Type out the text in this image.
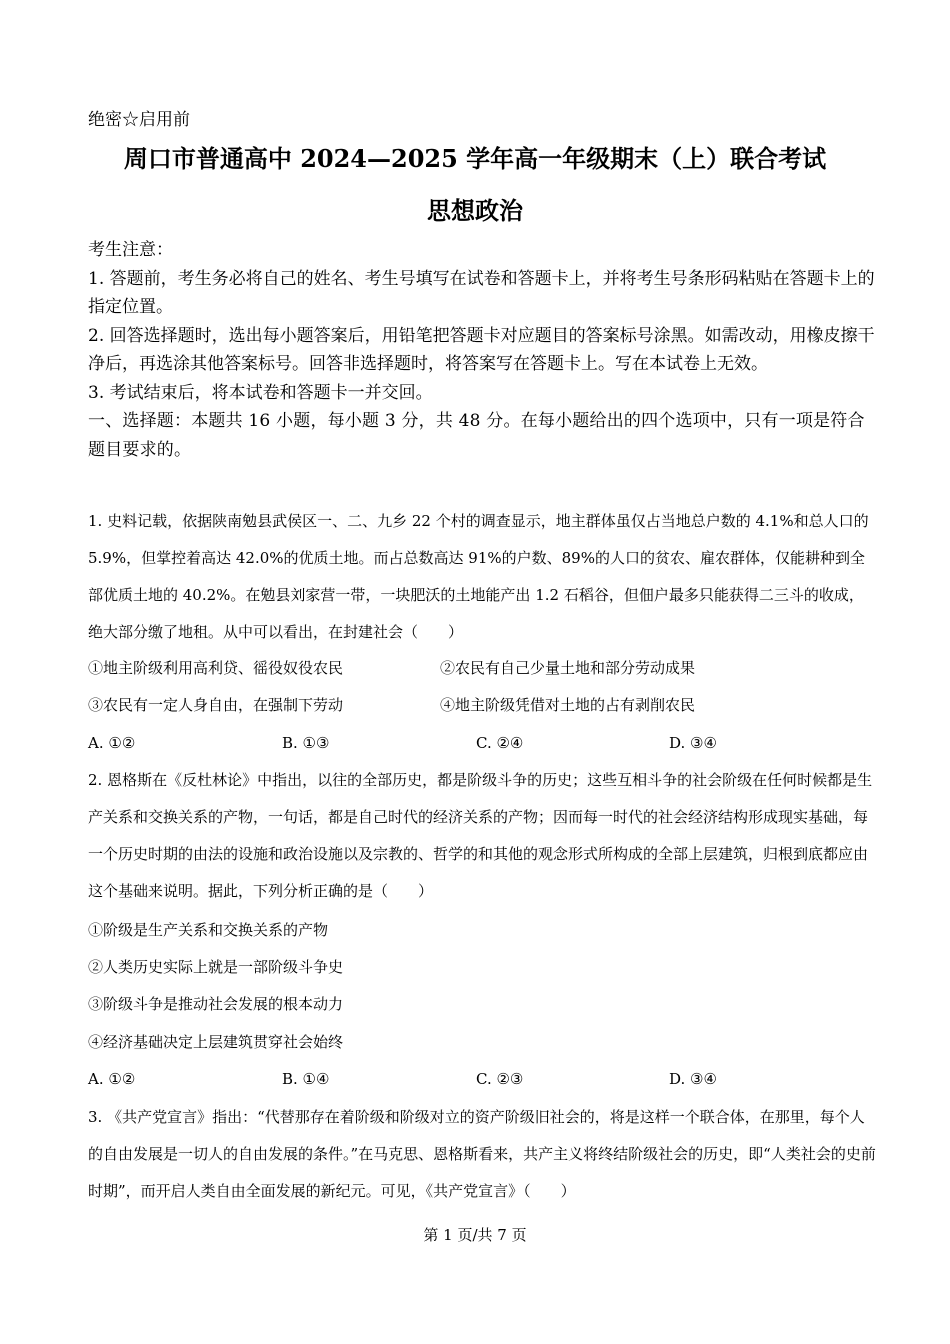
绝密☆启用前
周口市普通高中 2024—2025 学年高一年级期末（上）联合考试
思想政治

考生注意：

1. 答题前，考生务必将自己的姓名、考生号填写在试卷和答题卡上，并将考生号条形码粘贴在答题卡上的指定位置。

2. 回答选择题时，选出每小题答案后，用铅笔把答题卡对应题目的答案标号涂黑。如需改动，用橡皮擦干净后，再选涂其他答案标号。回答非选择题时，将答案写在答题卡上。写在本试卷上无效。

3. 考试结束后，将本试卷和答题卡一并交回。

一、选择题：本题共 16 小题，每小题 3 分，共 48 分。在每小题给出的四个选项中，只有一项是符合题目要求的。

1. 史料记载，依据陕南勉县武侯区一、二、九乡 22 个村的调查显示，地主群体虽仅占当地总户数的 4.1%和总人口的 5.9%，但掌控着高达 42.0%的优质土地。而占总数高达 91%的户数、89%的人口的贫农、雇农群体，仅能耕种到全部优质土地的 40.2%。在勉县刘家营一带，一块肥沃的土地能产出 1.2 石稻谷，但佃户最多只能获得二三斗的收成，绝大部分缴了地租。从中可以看出，在封建社会（　　）

①地主阶级利用高利贷、徭役奴役农民	②农民有自己少量土地和部分劳动成果
③农民有一定人身自由，在强制下劳动	④地主阶级凭借对土地的占有剥削农民
A. ①②	B. ①③	C. ②④	D. ③④

2. 恩格斯在《反杜林论》中指出，以往的全部历史，都是阶级斗争的历史；这些互相斗争的社会阶级在任何时候都是生产关系和交换关系的产物，一句话，都是自己时代的经济关系的产物；因而每一时代的社会经济结构形成现实基础，每一个历史时期的由法的设施和政治设施以及宗教的、哲学的和其他的观念形式所构成的全部上层建筑，归根到底都应由这个基础来说明。据此，下列分析正确的是（　　）

①阶级是生产关系和交换关系的产物
②人类历史实际上就是一部阶级斗争史
③阶级斗争是推动社会发展的根本动力
④经济基础决定上层建筑贯穿社会始终
A. ①②	B. ①④	C. ②③	D. ③④

3. 《共产党宣言》指出：“代替那存在着阶级和阶级对立的资产阶级旧社会的，将是这样一个联合体，在那里，每个人的自由发展是一切人的自由发展的条件。”在马克思、恩格斯看来，共产主义将终结阶级社会的历史，即“人类社会的史前时期”，而开启人类自由全面发展的新纪元。可见，《共产党宣言》（　　）

第 1 页/共 7 页
